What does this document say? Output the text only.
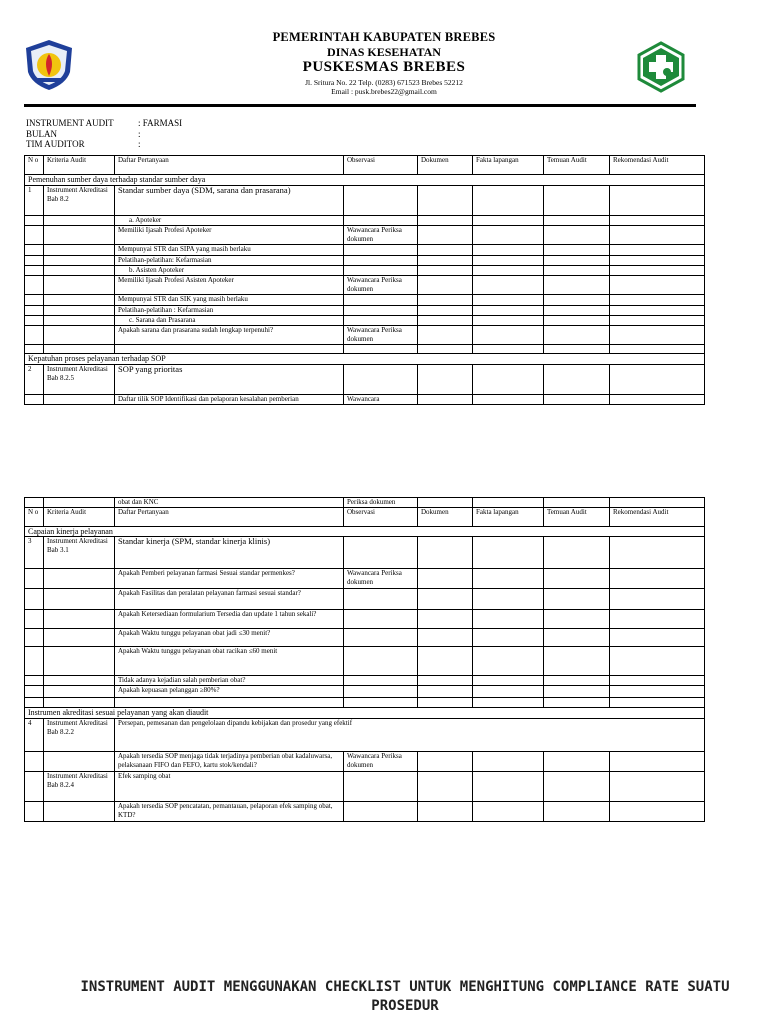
PEMERINTAH KABUPATEN BREBES
DINAS KESEHATAN
PUSKESMAS BREBES
Jl. Sritura No. 22 Telp. (0283) 671523 Brebes 52212
Email : pusk.brebes22@gmail.com
INSTRUMENT AUDIT	: FARMASI
BULAN	:
TIM AUDITOR	:
N o	Kriteria Audit	Daftar Pertanyaan	Observasi	Dokumen	Fakta lapangan	Temuan Audit	Rekomendasi Audit
Pemenuhan sumber daya terhadap standar sumber daya							
1	Instrument Akreditasi Bab 8.2	Standar sumber daya (SDM, sarana dan prasarana)					
		a. Apoteker					
		Memiliki Ijasah Profesi Apoteker	Wawancara Periksa dokumen				
		Mempunyai STR dan SIPA yang masih berlaku					
		Pelatihan-pelatihan: Kefarmasian					
		b. Asisten Apoteker					
		Memiliki Ijasah Profesi Asisten Apoteker	Wawancara Periksa dokumen				
		Mempunyai STR dan SIK yang masih berlaku					
		Pelatihan-pelatihan : Kefarmasian					
		c. Sarana dan Prasarana					
		Apakah sarana dan prasarana sudah lengkap terpenuhi?	Wawancara Periksa dokumen				

Kepatuhan proses pelayanan terhadap SOP							
2	Instrument Akreditasi Bab 8.2.5	SOP yang prioritas					
		Daftar tilik SOP Identifikasi dan pelaporan kesalahan pemberian	Wawancara				
		obat dan KNC	Periksa dokumen				
N o	Kriteria Audit	Daftar Pertanyaan	Observasi	Dokumen	Fakta lapangan	Temuan Audit	Rekomendasi Audit
Capaian kinerja pelayanan							
3	Instrument Akreditasi Bab 3.1	Standar kinerja (SPM, standar kinerja klinis)					
		Apakah Pemberi pelayanan farmasi Sesuai standar permenkes?	Wawancara Periksa dokumen				
		Apakah Fasilitas dan peralatan pelayanan farmasi sesuai standar?					
		Apakah Ketersediaan formularium Tersedia dan update 1 tahun sekali?					
		Apakah Waktu tunggu pelayanan obat jadi ≤30 menit?					
		Apakah Waktu tunggu pelayanan obat racikan ≤60 menit					
		Tidak adanya kejadian salah pemberian obat?					
		Apakah kepuasan pelanggan ≥80%?					

Instrumen akreditasi sesuai pelayanan yang akan diaudit							
4	Instrument Akreditasi Bab 8.2.2	Persepan, pemesanan dan pengelolaan dipandu kebijakan dan prosedur yang efektif					
		Apakah tersedia SOP menjaga tidak terjadinya pemberian obat kadaluwarsa, pelaksanaan FIFO dan FEFO, kartu stok/kendali?	Wawancara Periksa dokumen				
	Instrument Akreditasi Bab 8.2.4	Efek samping obat					
		Apakah tersedia SOP pencatatan, pemantauan, pelaporan efek samping obat, KTD?					
INSTRUMENT AUDIT MENGGUNAKAN CHECKLIST UNTUK MENGHITUNG COMPLIANCE RATE SUATU PROSEDUR
